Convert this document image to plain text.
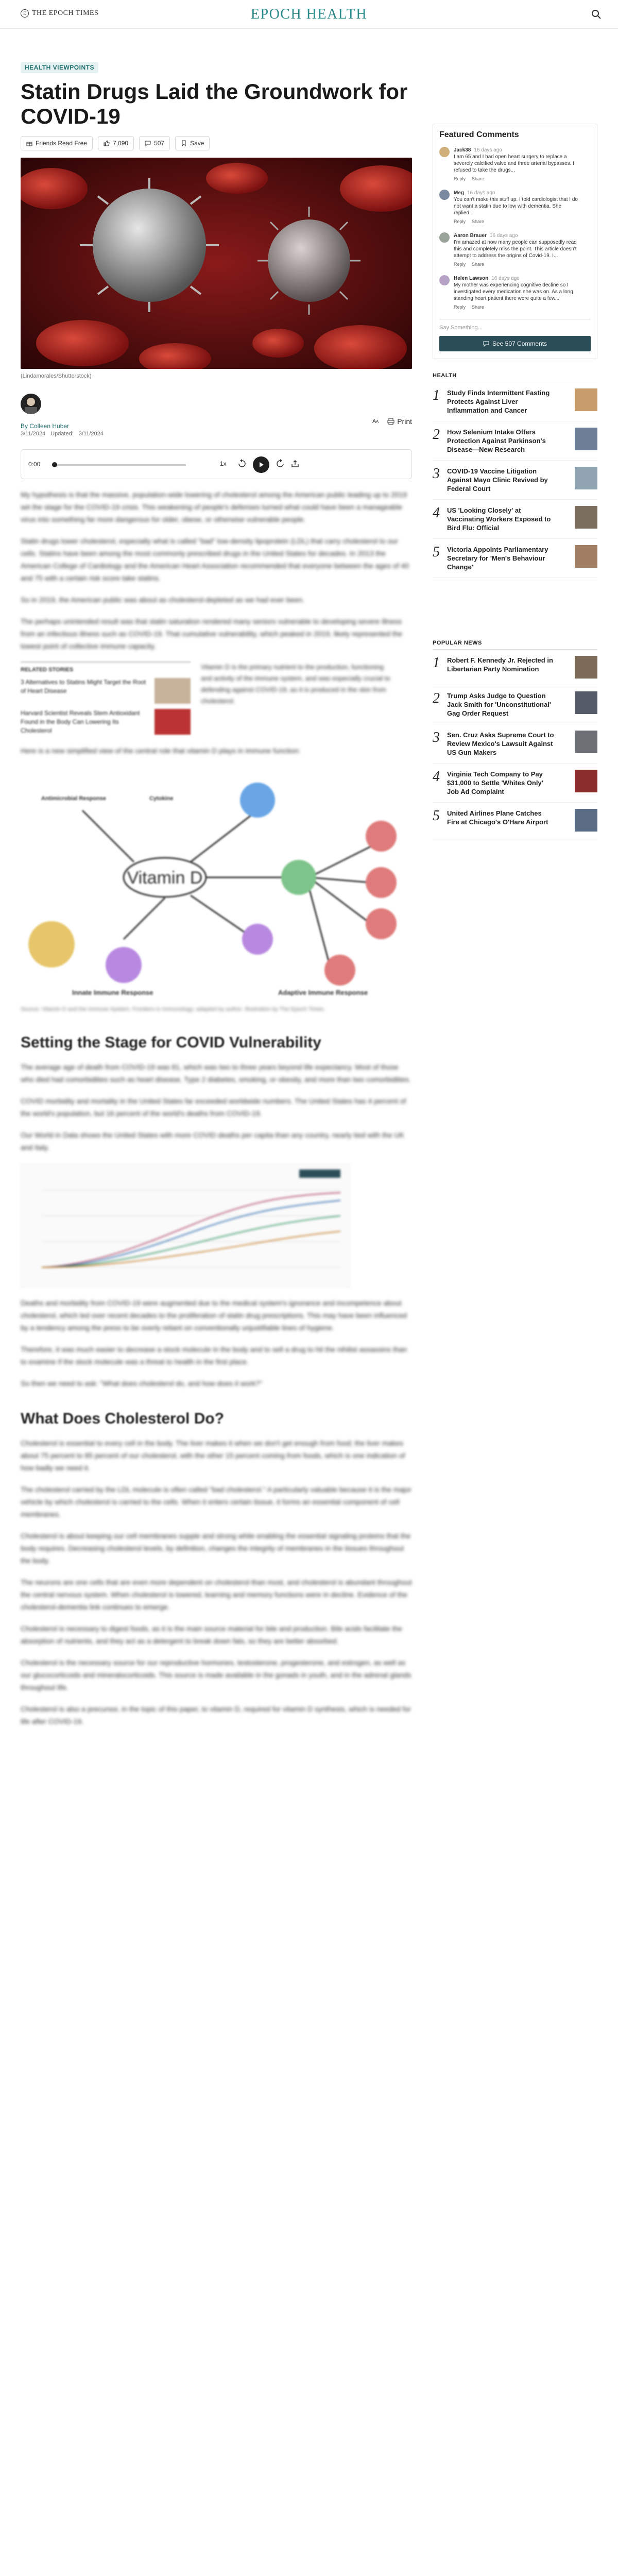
E THE EPOCH TIMES	EPOCH HEALTH
HEALTH VIEWPOINTS
Statin Drugs Laid the Groundwork for COVID-19
Friends Read Free	7,090	507	Save
(Lindamorales/Shutterstock)
By Colleen Huber
3/11/2024 Updated: 3/11/2024
A A	Print
0:00	1x

My hypothesis is that the massive, population-wide lowering of cholesterol among the American public leading up to 2019 set the stage for the COVID-19 crisis. This weakening of people's defenses turned what could have been a manageable virus into something far more dangerous for older, obese, or otherwise vulnerable people.

Statin drugs lower cholesterol, especially what is called "bad" low-density lipoprotein (LDL) that carry cholesterol to our cells. Statins have been among the most commonly prescribed drugs in the United States for decades. In 2013 the American College of Cardiology and the American Heart Association recommended that everyone between the ages of 40 and 75 with a certain risk score take statins.

So in 2019, the American public was about as cholesterol-depleted as we had ever been.

The perhaps unintended result was that statin saturation rendered many seniors vulnerable to developing severe illness from an infectious illness such as COVID-19. That cumulative vulnerability, which peaked in 2019, likely represented the lowest point of collective immune capacity.

RELATED STORIES
3 Alternatives to Statins Might Target the Root of Heart Disease
Harvard Scientist Reveals Stem Antioxidant Found in the Body Can Lowering Its Cholesterol

Vitamin D is the primary nutrient to the production, functioning and activity of the immune system, and was especially crucial to defending against COVID-19, as it is produced in the skin from cholesterol.

Here is a new simplified view of the central role that vitamin D plays in immune function:

Vitamin D
Antimicrobial Response	Cytokine
Innate Immune Response	Adaptive Immune Response

Source: Vitamin D and the Immune System, Frontiers in Immunology; adapted by author. Illustration by The Epoch Times.

Setting the Stage for COVID Vulnerability

The average age of death from COVID-19 was 81, which was two to three years beyond life expectancy. Most of those who died had comorbidities such as heart disease, Type 2 diabetes, smoking, or obesity, and more than two comorbidities.

COVID morbidity and mortality in the United States far exceeded worldwide numbers. The United States has 4 percent of the world's population, but 16 percent of the world's deaths from COVID-19.

Our World in Data shows the United States with more COVID deaths per capita than any country, nearly tied with the UK and Italy.

Deaths and morbidity from COVID-19 were augmented due to the medical system's ignorance and incompetence about cholesterol, which led over recent decades to the proliferation of statin drug prescriptions. This may have been influenced by a tendency among the press to be overly reliant on conventionally unjustifiable lines of hygiene.

Therefore, it was much easier to decrease a stock molecule in the body and to sell a drug to hit the nihilist assassins than to examine if the stock molecule was a threat to health in the first place.

So then we need to ask: "What does cholesterol do, and how does it work?"

What Does Cholesterol Do?

Cholesterol is essential to every cell in the body. The liver makes it when we don't get enough from food; the liver makes about 75 percent to 85 percent of our cholesterol, with the other 15 percent coming from foods, which is one indication of how badly we need it.

The cholesterol carried by the LDL molecule is often called "bad cholesterol." A particularly valuable because it is the major vehicle by which cholesterol is carried to the cells. When it enters certain tissue, it forms an essential component of cell membranes.

Cholesterol is about keeping our cell membranes supple and strong while enabling the essential signaling proteins that the body requires. Decreasing cholesterol levels, by definition, changes the integrity of membranes in the tissues throughout the body.

The neurons are one cells that are even more dependent on cholesterol than most, and cholesterol is abundant throughout the central nervous system. When cholesterol is lowered, learning and memory functions were in decline. Evidence of the cholesterol-dementia link continues to emerge.

Cholesterol is necessary to digest foods, as it is the main source material for bile and production. Bile acids facilitate the absorption of nutrients, and they act as a detergent to break down fats, so they are better absorbed.

Cholesterol is the necessary source for our reproductive hormones, testosterone, progesterone, and estrogen, as well as our glucocorticoids and mineralocorticoids. This source is made available in the gonads in youth, and in the adrenal glands throughout life.

Cholesterol is also a precursor, in the topic of this paper, to vitamin D, required for vitamin D synthesis, which is needed for life after COVID-19.

Featured Comments
Jack38 16 days ago
I am 65 and I had open heart surgery to replace a severely calcified valve and three arterial bypasses. I refused to take the drugs...
Reply Share
Meg 16 days ago
You can't make this stuff up. I told cardiologist that I do not want a statin due to low with dementia. She replied...
Reply Share
Aaron Brauer 16 days ago
I'm amazed at how many people can supposedly read this and completely miss the point. This article doesn't attempt to address the origins of Covid-19. I...
Reply Share
Helen Lawson 16 days ago
My mother was experiencing cognitive decline so I investigated every medication she was on. As a long standing heart patient there were quite a few...
Reply Share
Say Something...
See 507 Comments
HEALTH
1	Study Finds Intermittent Fasting Protects Against Liver Inflammation and Cancer
2	How Selenium Intake Offers Protection Against Parkinson's Disease—New Research
3	COVID-19 Vaccine Litigation Against Mayo Clinic Revived by Federal Court
4	US 'Looking Closely' at Vaccinating Workers Exposed to Bird Flu: Official
5	Victoria Appoints Parliamentary Secretary for 'Men's Behaviour Change'
POPULAR NEWS
1	Robert F. Kennedy Jr. Rejected in Libertarian Party Nomination
2	Trump Asks Judge to Question Jack Smith for 'Unconstitutional' Gag Order Request
3	Sen. Cruz Asks Supreme Court to Review Mexico's Lawsuit Against US Gun Makers
4	Virginia Tech Company to Pay $31,000 to Settle 'Whites Only' Job Ad Complaint
5	United Airlines Plane Catches Fire at Chicago's O'Hare Airport
